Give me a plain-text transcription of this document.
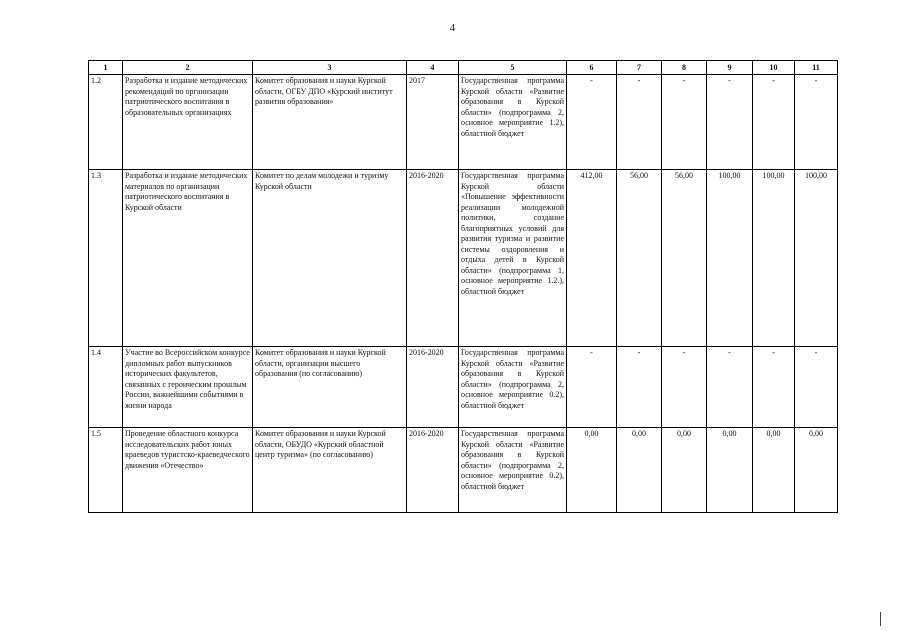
4
1	2	3	4	5	6	7	8	9	10	11
1.2	Разработка и издание методических рекомендаций по организации патриотического воспитания в образовательных организациях	Комитет образования и науки Курской области, ОГБУ ДПО «Курский институт развития образования»	2017	Государственная программа Курской области «Развитие образования в Курской области» (подпрограмма 2, основное мероприятие 1.2), областной бюджет	-	-	-	-	-	-
1.3	Разработка и издание методических материалов по организации патриотического воспитания в Курской области	Комитет по делам молодежи и туризму Курской области	2016-2020	Государственная программа Курской области «Повышение эффективности реализации молодежной политики, создание благоприятных условий для развития туризма и развитие системы оздоровления и отдыха детей в Курской области» (подпрограмма 1, основное мероприятие 1.2.), областной бюджет	412,00	56,00	56,00	100,00	100,00	100,00
1.4	Участие во Всероссийском конкурсе дипломных работ выпускников исторических факультетов, связанных с героическим прошлым России, важнейшими событиями в жизни народа	Комитет образования и науки Курской области, организации высшего образования (по согласованию)	2016-2020	Государственная программа Курской области «Развитие образования в Курской области» (подпрограмма 2, основное мероприятие 0.2), областной бюджет	-	-	-	-	-	-
1.5	Проведение областного конкурса исследовательских работ юных краеведов туристско-краеведческого движения «Отечество»	Комитет образования и науки Курской области, ОБУДО «Курский областной центр туризма» (по согласованию)	2016-2020	Государственная программа Курской области «Развитие образования в Курской области» (подпрограмма 2, основное мероприятие 0.2), областной бюджет	0,00	0,00	0,00	0,00	0,00	0,00
